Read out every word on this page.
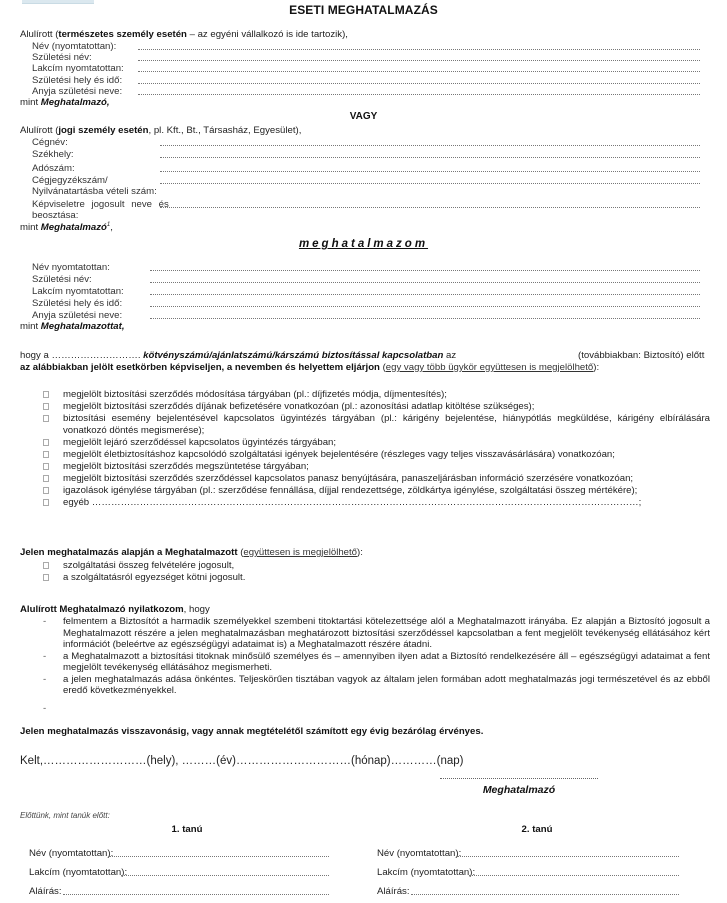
ESETI MEGHATALMAZÁS
Alulírott (természetes személy esetén – az egyéni vállalkozó is ide tartozik),
Név (nyomtatottan):
Születési név:
Lakcím nyomtatottan:
Születési hely és idő:
Anyja születési neve:
mint Meghatalmazó,
VAGY
Alulírott (jogi személy esetén, pl. Kft., Bt., Társasház, Egyesület),
Cégnév:
Székhely:
Adószám:
Cégjegyzékszám/
Nyilvánatartásba vételi szám:
Képviseletre jogosult neve és
beosztása:
mint Meghatalmazó$^1$,
meghatalmazom
Név nyomtatottan:
Születési név:
Lakcím nyomtatottan:
Születési hely és idő:
Anyja születési neve:
mint Meghatalmazottat,
hogy a ………………………. kötvényszámú/ajánlatszámú/kárszámú biztosítással kapcsolatban az	(továbbiakban: Biztosító) előtt
az alábbiakban jelölt esetkörben képviseljen, a nevemben és helyettem eljárjon (egy vagy több ügykör együttesen is megjelölhető):
megjelölt biztosítási szerződés módosítása tárgyában (pl.: díjfizetés módja, díjmentesítés);
megjelölt biztosítási szerződés díjának befizetésére vonatkozóan (pl.: azonosítási adatlap kitöltése szükséges);
biztosítási esemény bejelentésével kapcsolatos ügyintézés tárgyában (pl.: kárigény bejelentése, hiánypótlás megküldése, kárigény elbírálására vonatkozó döntés megismerése);
megjelölt lejáró szerződéssel kapcsolatos ügyintézés tárgyában;
megjelölt életbiztosításhoz kapcsolódó szolgáltatási igények bejelentésére (részleges vagy teljes visszavásárlására) vonatkozóan;
megjelölt biztosítási szerződés megszüntetése tárgyában;
megjelölt biztosítási szerződés szerződéssel kapcsolatos panasz benyújtására, panaszeljárásban információ szerzésére vonatkozóan;
igazolások igénylése tárgyában (pl.: szerződése fennállása, díjjal rendezettsége, zöldkártya igénylése, szolgáltatási összeg mértékére);
egyéb ………………………………………………………………………………………………………………………………………………………;
Jelen meghatalmazás alapján a Meghatalmazott (együttesen is megjelölhető):
szolgáltatási összeg felvételére jogosult,
a szolgáltatásról egyezséget kötni jogosult.
Alulírott Meghatalmazó nyilatkozom, hogy
- felmentem a Biztosítót a harmadik személyekkel szembeni titoktartási kötelezettsége alól a Meghatalmazott irányába. Ez alapján a Biztosító jogosult a Meghatalmazott részére a jelen meghatalmazásban meghatározott biztosítási szerződéssel kapcsolatban a fent megjelölt tevékenység ellátásához kért információt (beleértve az egészségügyi adataimat is) a Meghatalmazott részére átadni.
- a Meghatalmazott a biztosítási titoknak minősülő személyes és – amennyiben ilyen adat a Biztosító rendelkezésére áll – egészségügyi adataimat a fent megjelölt tevékenység ellátásához megismerheti.
- a jelen meghatalmazás adása önkéntes. Teljeskörűen tisztában vagyok az általam jelen formában adott meghatalmazás jogi természetével és az ebből eredő következményekkel.
-
Jelen meghatalmazás visszavonásig, vagy annak megtételétől számított egy évig bezárólag érvényes.
Kelt,………………………(hely), ………(év)…………………………(hónap)…………(nap)
Meghatalmazó
Előttünk, mint tanúk előtt:
1. tanú	2. tanú
Név (nyomtatottan):
Lakcím (nyomtatottan):
Aláírás:
Név (nyomtatottan):
Lakcím (nyomtatottan):
Aláírás:
